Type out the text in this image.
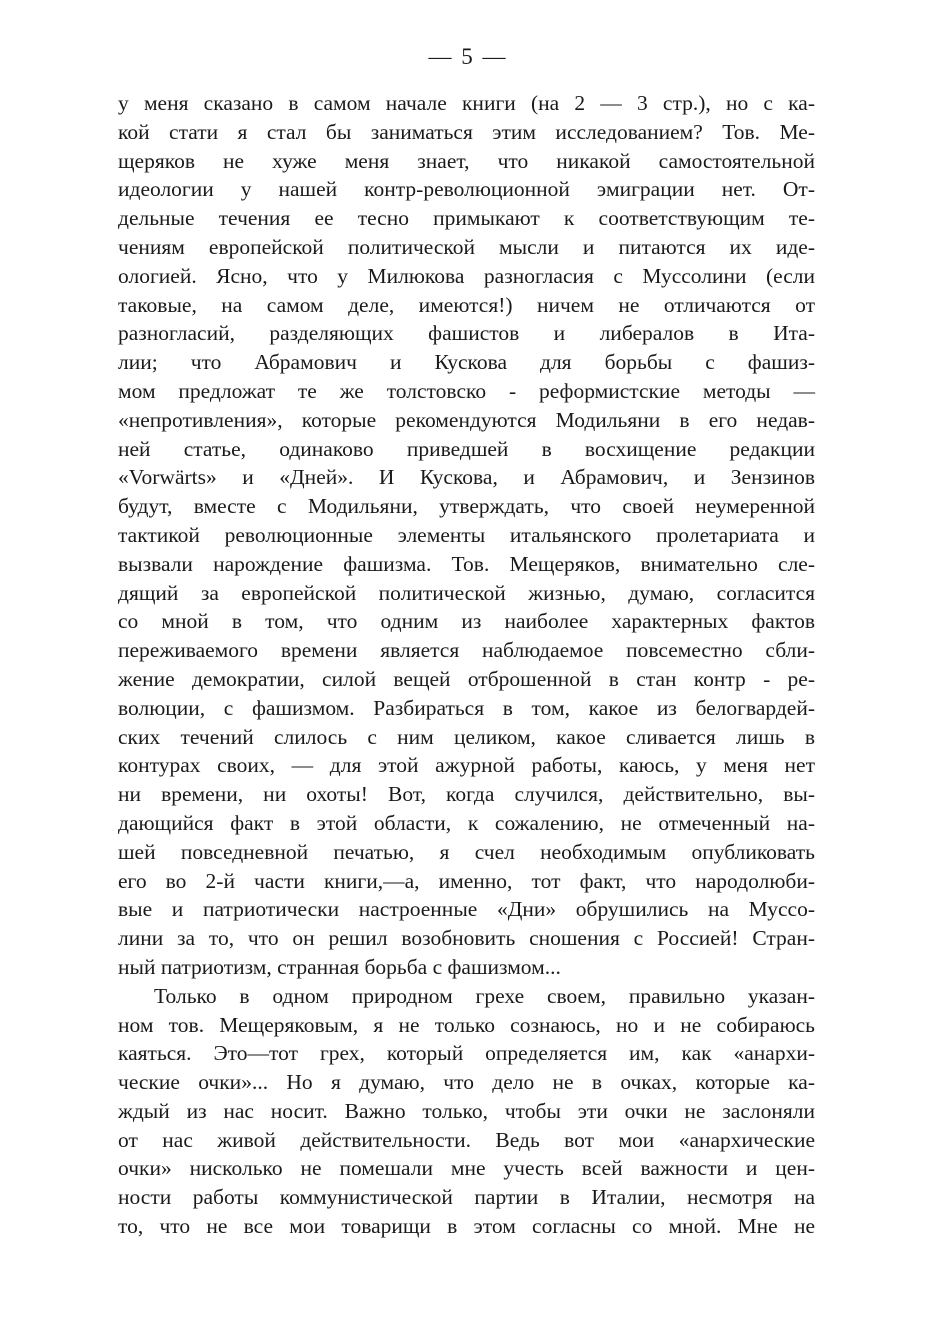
— 5 —
у меня сказано в самом начале книги (на 2 — 3 стр.), но с ка-
кой стати я стал бы заниматься этим исследованием? Тов. Ме-
щеряков не хуже меня знает, что никакой самостоятельной
идеологии у нашей контр-революционной эмиграции нет. От-
дельные течения ее тесно примыкают к соответствующим те-
чениям европейской политической мысли и питаются их иде-
ологией. Ясно, что у Милюкова разногласия с Муссолини (если
таковые, на самом деле, имеются!) ничем не отличаются от
разногласий, разделяющих фашистов и либералов в Ита-
лии; что Абрамович и Кускова для борьбы с фашиз-
мом предложат те же толстовско - реформистские методы —
«непротивления», которые рекомендуются Модильяни в его недав-
ней статье, одинаково приведшей в восхищение редакции
«Vorwärts» и «Дней». И Кускова, и Абрамович, и Зензинов
будут, вместе с Модильяни, утверждать, что своей неумеренной
тактикой революционные элементы итальянского пролетариата и
вызвали нарождение фашизма. Тов. Мещеряков, внимательно сле-
дящий за европейской политической жизнью, думаю, согласится
со мной в том, что одним из наиболее характерных фактов
переживаемого времени является наблюдаемое повсеместно сбли-
жение демократии, силой вещей отброшенной в стан контр - ре-
волюции, с фашизмом. Разбираться в том, какое из белогвардей-
ских течений слилось с ним целиком, какое сливается лишь в
контурах своих, — для этой ажурной работы, каюсь, у меня нет
ни времени, ни охоты! Вот, когда случился, действительно, вы-
дающийся факт в этой области, к сожалению, не отмеченный на-
шей повседневной печатью, я счел необходимым опубликовать
его во 2-й части книги,—а, именно, тот факт, что народолюби-
вые и патриотически настроенные «Дни» обрушились на Муссо-
лини за то, что он решил возобновить сношения с Россией! Стран-
ный патриотизм, странная борьба с фашизмом...
Только в одном природном грехе своем, правильно указан-
ном тов. Мещеряковым, я не только сознаюсь, но и не собираюсь
каяться. Это—тот грех, который определяется им, как «анархи-
ческие очки»... Но я думаю, что дело не в очках, которые ка-
ждый из нас носит. Важно только, чтобы эти очки не заслоняли
от нас живой действительности. Ведь вот мои «анархические
очки» нисколько не помешали мне учесть всей важности и цен-
ности работы коммунистической партии в Италии, несмотря на
то, что не все мои товарищи в этом согласны со мной. Мне не
